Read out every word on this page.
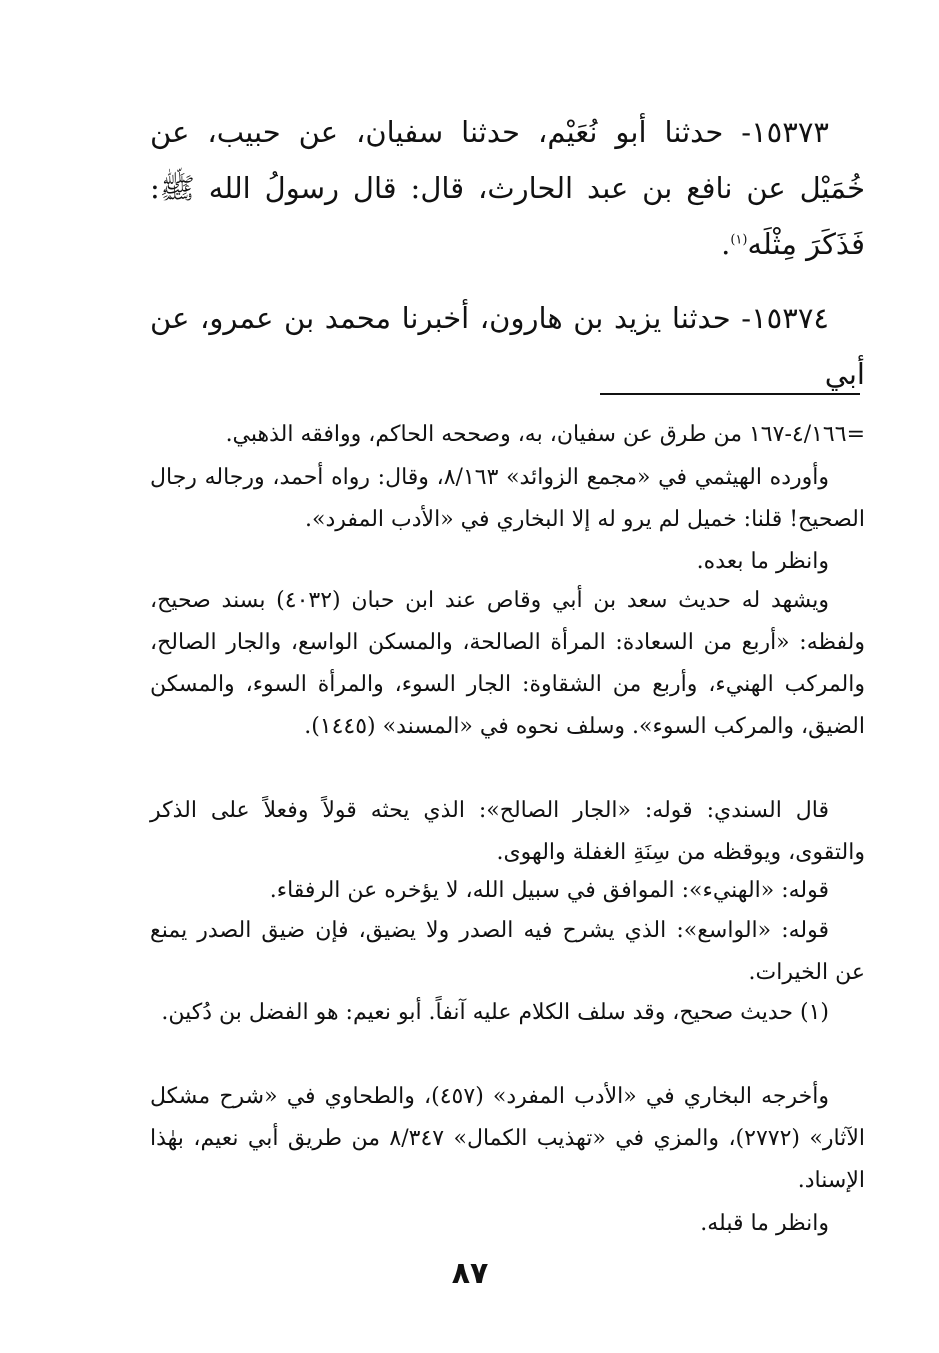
١٥٣٧٣- حدثنا أبو نُعَيْم، حدثنا سفيان، عن حبيب، عن خُمَيْل عن نافع بن عبد الحارث، قال: قال رسولُ الله ﷺ: فَذَكَرَ مِثْلَه$^{(١)}$.

١٥٣٧٤- حدثنا يزيد بن هارون، أخبرنا محمد بن عمرو، عن أبي

=٤/١٦٦-١٦٧ من طرق عن سفيان، به، وصححه الحاكم، ووافقه الذهبي.

وأورده الهيثمي في «مجمع الزوائد» ٨/١٦٣، وقال: رواه أحمد، ورجاله رجال الصحيح! قلنا: خميل لم يرو له إلا البخاري في «الأدب المفرد».

وانظر ما بعده.

ويشهد له حديث سعد بن أبي وقاص عند ابن حبان (٤٠٣٢) بسند صحيح، ولفظه: «أربع من السعادة: المرأة الصالحة، والمسكن الواسع، والجار الصالح، والمركب الهنيء، وأربع من الشقاوة: الجار السوء، والمرأة السوء، والمسكن الضيق، والمركب السوء». وسلف نحوه في «المسند» (١٤٤٥).

قال السندي: قوله: «الجار الصالح»: الذي يحثه قولاً وفعلاً على الذكر والتقوى، ويوقظه من سِنَةِ الغفلة والهوى.

قوله: «الهنيء»: الموافق في سبيل الله، لا يؤخره عن الرفقاء.

قوله: «الواسع»: الذي يشرح فيه الصدر ولا يضيق، فإن ضيق الصدر يمنع عن الخيرات.

(١) حديث صحيح، وقد سلف الكلام عليه آنفاً. أبو نعيم: هو الفضل بن دُكين.

وأخرجه البخاري في «الأدب المفرد» (٤٥٧)، والطحاوي في «شرح مشكل الآثار» (٢٧٧٢)، والمزي في «تهذيب الكمال» ٨/٣٤٧ من طريق أبي نعيم، بهٰذا الإسناد.

وانظر ما قبله.

٨٧
